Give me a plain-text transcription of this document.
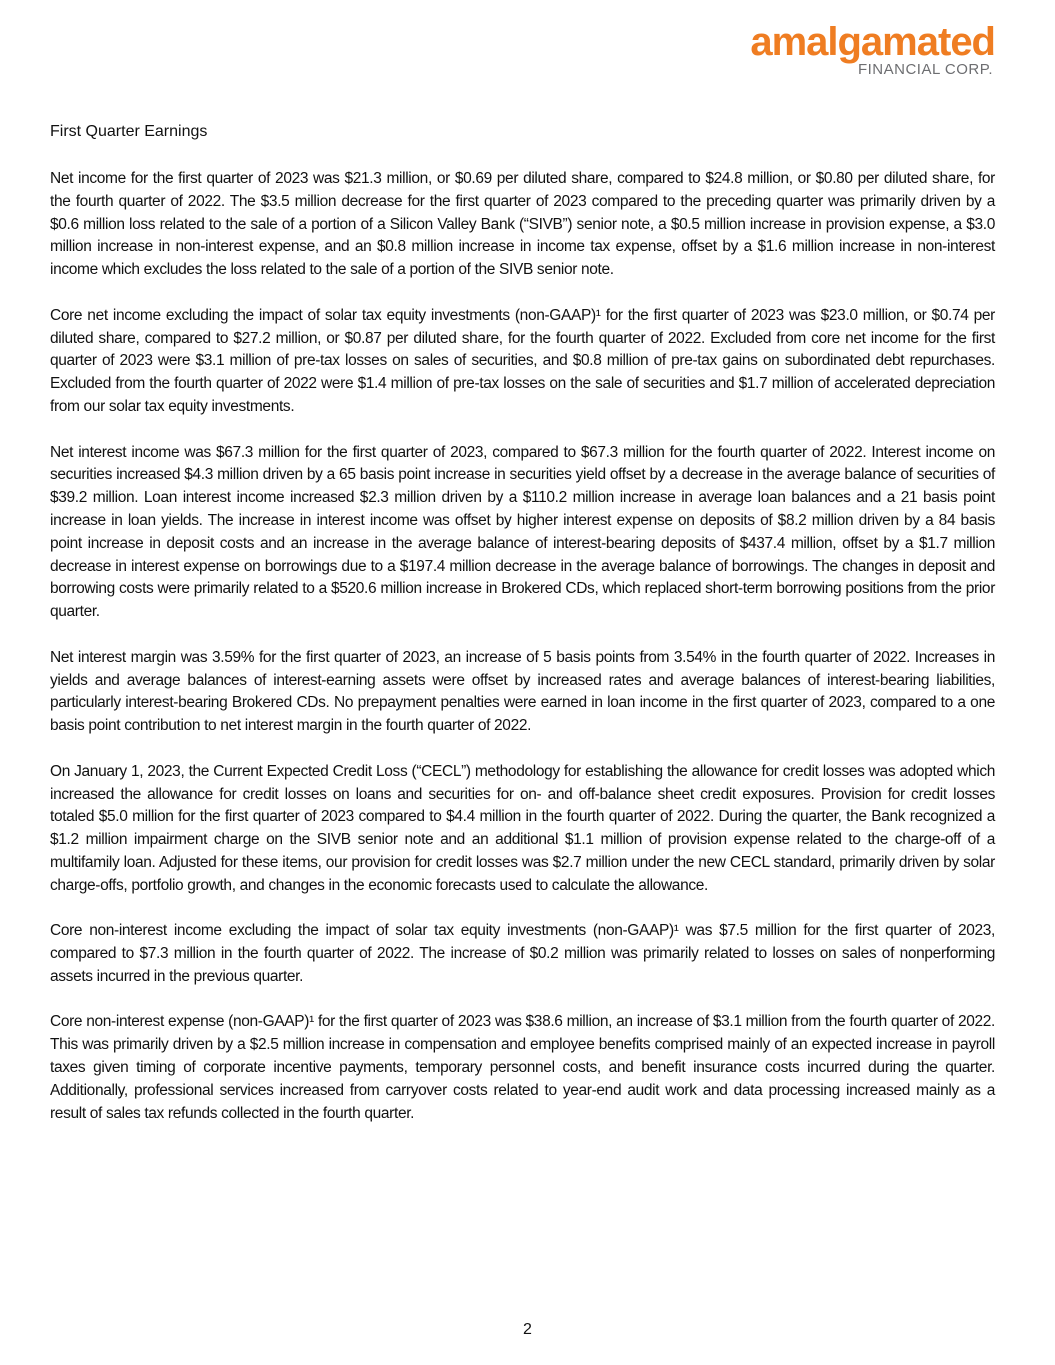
amalgamated
FINANCIAL CORP.
First Quarter Earnings

Net income for the first quarter of 2023 was $21.3 million, or $0.69 per diluted share, compared to $24.8 million, or $0.80 per diluted share, for the fourth quarter of 2022. The $3.5 million decrease for the first quarter of 2023 compared to the preceding quarter was primarily driven by a $0.6 million loss related to the sale of a portion of a Silicon Valley Bank (“SIVB”) senior note, a $0.5 million increase in provision expense, a $3.0 million increase in non-interest expense, and an $0.8 million increase in income tax expense, offset by a $1.6 million increase in non-interest income which excludes the loss related to the sale of a portion of the SIVB senior note.

Core net income excluding the impact of solar tax equity investments (non-GAAP)¹ for the first quarter of 2023 was $23.0 million, or $0.74 per diluted share, compared to $27.2 million, or $0.87 per diluted share, for the fourth quarter of 2022. Excluded from core net income for the first quarter of 2023 were $3.1 million of pre-tax losses on sales of securities, and $0.8 million of pre-tax gains on subordinated debt repurchases. Excluded from the fourth quarter of 2022 were $1.4 million of pre-tax losses on the sale of securities and $1.7 million of accelerated depreciation from our solar tax equity investments.

Net interest income was $67.3 million for the first quarter of 2023, compared to $67.3 million for the fourth quarter of 2022. Interest income on securities increased $4.3 million driven by a 65 basis point increase in securities yield offset by a decrease in the average balance of securities of $39.2 million. Loan interest income increased $2.3 million driven by a $110.2 million increase in average loan balances and a 21 basis point increase in loan yields. The increase in interest income was offset by higher interest expense on deposits of $8.2 million driven by a 84 basis point increase in deposit costs and an increase in the average balance of interest-bearing deposits of $437.4 million, offset by a $1.7 million decrease in interest expense on borrowings due to a $197.4 million decrease in the average balance of borrowings. The changes in deposit and borrowing costs were primarily related to a $520.6 million increase in Brokered CDs, which replaced short-term borrowing positions from the prior quarter.

Net interest margin was 3.59% for the first quarter of 2023, an increase of 5 basis points from 3.54% in the fourth quarter of 2022. Increases in yields and average balances of interest-earning assets were offset by increased rates and average balances of interest-bearing liabilities, particularly interest-bearing Brokered CDs. No prepayment penalties were earned in loan income in the first quarter of 2023, compared to a one basis point contribution to net interest margin in the fourth quarter of 2022.

On January 1, 2023, the Current Expected Credit Loss (“CECL”) methodology for establishing the allowance for credit losses was adopted which increased the allowance for credit losses on loans and securities for on- and off-balance sheet credit exposures. Provision for credit losses totaled $5.0 million for the first quarter of 2023 compared to $4.4 million in the fourth quarter of 2022. During the quarter, the Bank recognized a $1.2 million impairment charge on the SIVB senior note and an additional $1.1 million of provision expense related to the charge-off of a multifamily loan. Adjusted for these items, our provision for credit losses was $2.7 million under the new CECL standard, primarily driven by solar charge-offs, portfolio growth, and changes in the economic forecasts used to calculate the allowance.

Core non-interest income excluding the impact of solar tax equity investments (non-GAAP)¹ was $7.5 million for the first quarter of 2023, compared to $7.3 million in the fourth quarter of 2022. The increase of $0.2 million was primarily related to losses on sales of nonperforming assets incurred in the previous quarter.

Core non-interest expense (non-GAAP)¹ for the first quarter of 2023 was $38.6 million, an increase of $3.1 million from the fourth quarter of 2022. This was primarily driven by a $2.5 million increase in compensation and employee benefits comprised mainly of an expected increase in payroll taxes given timing of corporate incentive payments, temporary personnel costs, and benefit insurance costs incurred during the quarter. Additionally, professional services increased from carryover costs related to year-end audit work and data processing increased mainly as a result of sales tax refunds collected in the fourth quarter.

2
